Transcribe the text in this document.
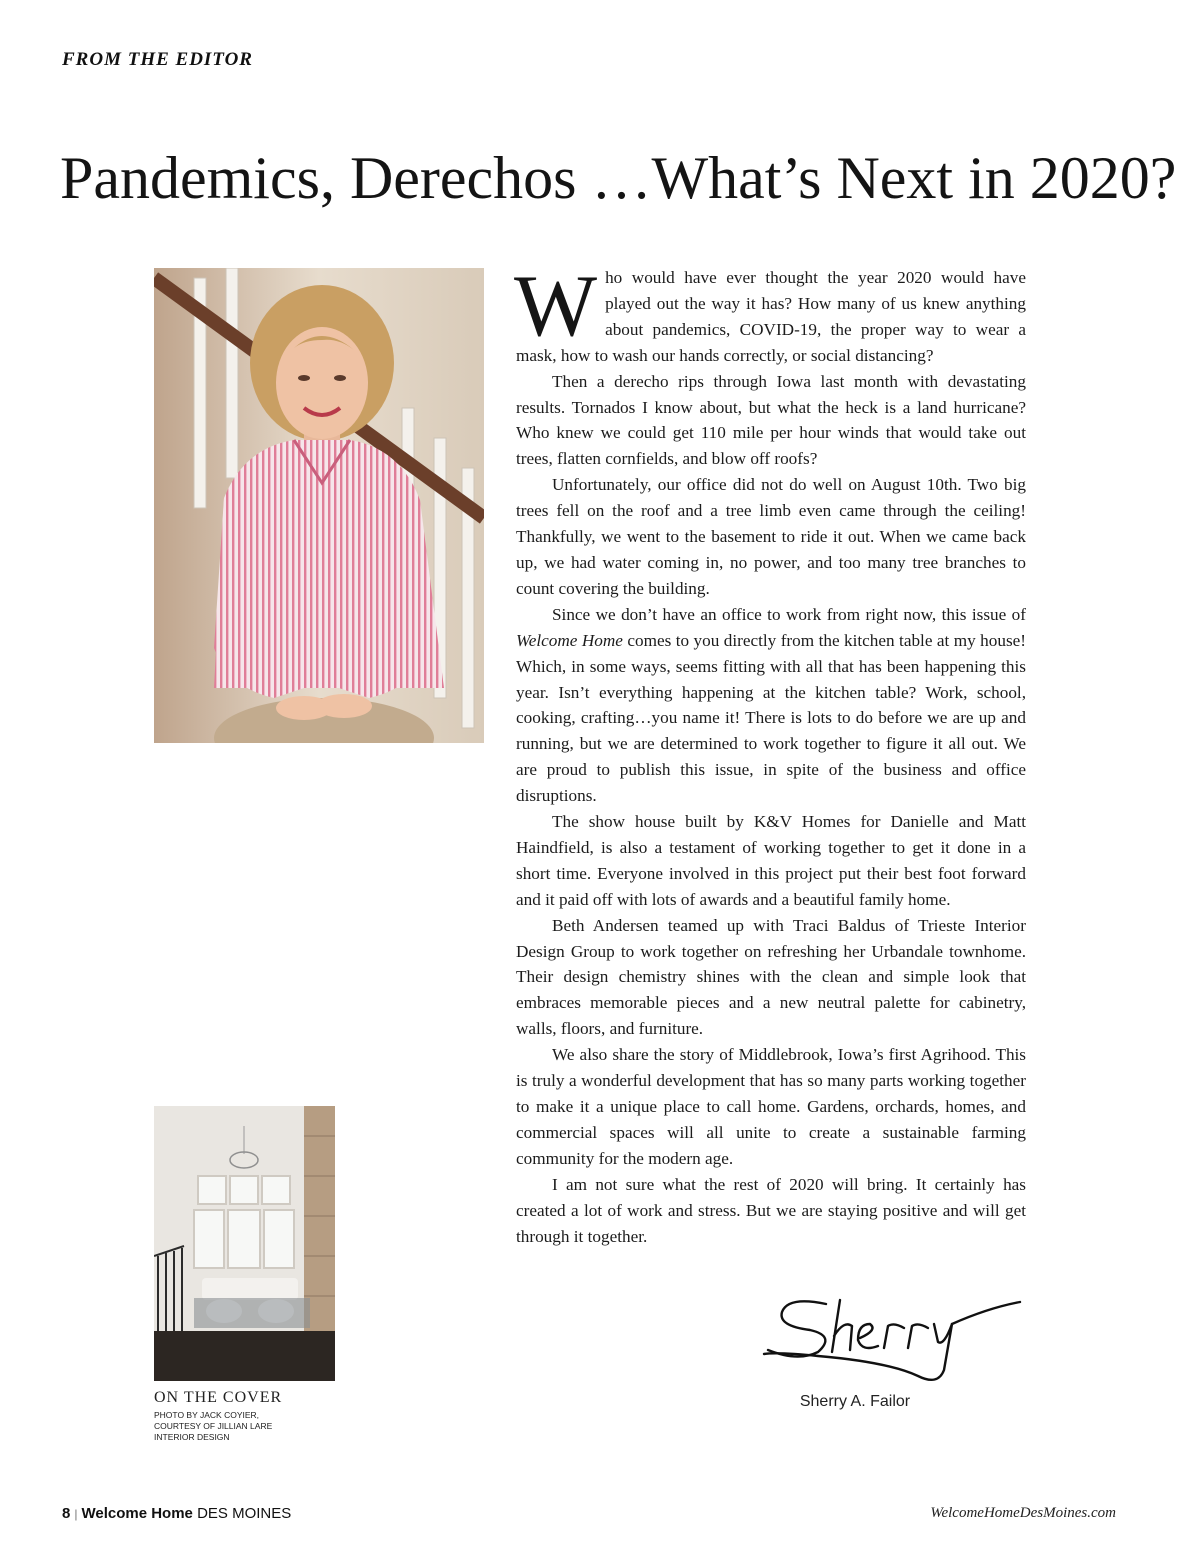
FROM THE EDITOR
Pandemics, Derechos …What’s Next in 2020?

Who would have ever thought the year 2020 would have played out the way it has? How many of us knew anything about pandemics, COVID-19, the proper way to wear a mask, how to wash our hands correctly, or social distancing?

Then a derecho rips through Iowa last month with devastating results. Tornados I know about, but what the heck is a land hurricane? Who knew we could get 110 mile per hour winds that would take out trees, flatten cornfields, and blow off roofs?

Unfortunately, our office did not do well on August 10th. Two big trees fell on the roof and a tree limb even came through the ceiling! Thankfully, we went to the basement to ride it out. When we came back up, we had water coming in, no power, and too many tree branches to count covering the building.

Since we don’t have an office to work from right now, this issue of Welcome Home comes to you directly from the kitchen table at my house! Which, in some ways, seems fitting with all that has been happening this year. Isn’t everything happening at the kitchen table? Work, school, cooking, crafting…you name it! There is lots to do before we are up and running, but we are determined to work together to figure it all out. We are proud to publish this issue, in spite of the business and office disruptions.

The show house built by K&V Homes for Danielle and Matt Haindfield, is also a testament of working together to get it done in a short time. Everyone involved in this project put their best foot forward and it paid off with lots of awards and a beautiful family home.

Beth Andersen teamed up with Traci Baldus of Trieste Interior Design Group to work together on refreshing her Urbandale townhome. Their design chemistry shines with the clean and simple look that embraces memorable pieces and a new neutral palette for cabinetry, walls, floors, and furniture.

We also share the story of Middlebrook, Iowa’s first Agrihood. This is truly a wonderful development that has so many parts working together to make it a unique place to call home. Gardens, orchards, homes, and commercial spaces will all unite to create a sustainable farming community for the modern age.

I am not sure what the rest of 2020 will bring. It certainly has created a lot of work and stress. But we are staying positive and will get through it together.

Sherry A. Failor
ON THE COVER
PHOTO BY JACK COYIER,
COURTESY OF JILLIAN LARE
INTERIOR DESIGN
8 | Welcome Home DES MOINES	WelcomeHomeDesMoines.com
